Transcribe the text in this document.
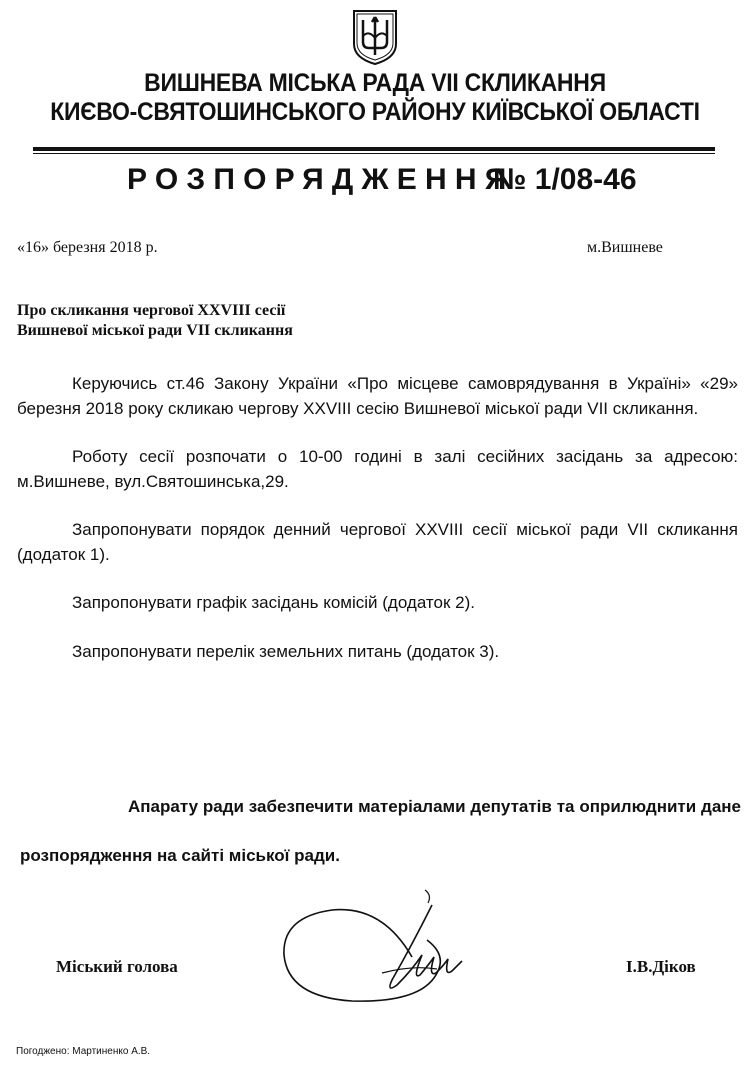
ВИШНЕВА МІСЬКА РАДА VII СКЛИКАННЯ
КИЄВО-СВЯТОШИНСЬКОГО РАЙОНУ КИЇВСЬКОЇ ОБЛАСТІ
РОЗПОРЯДЖЕННЯ
№ 1/08-46
«16» березня 2018 р.	м.Вишневе
Про скликання чергової XXVIII сесії
Вишневої міської ради VII скликання

Керуючись ст.46 Закону України «Про місцеве самоврядування в Україні» «29» березня 2018 року скликаю чергову XXVIII сесію Вишневої міської ради VII скликання.

Роботу сесії розпочати о 10-00 годині в залі сесійних засідань за адресою: м.Вишневе, вул.Святошинська,29.

Запропонувати порядок денний чергової XXVIII сесії міської ради VII скликання (додаток 1).

Запропонувати графік засідань комісій (додаток 2).

Запропонувати перелік земельних питань (додаток 3).

Апарату ради забезпечити матеріалами депутатів та оприлюднити дане розпорядження на сайті міської ради.
Міський голова	І.В.Діков
Погоджено: Мартиненко А.В.
